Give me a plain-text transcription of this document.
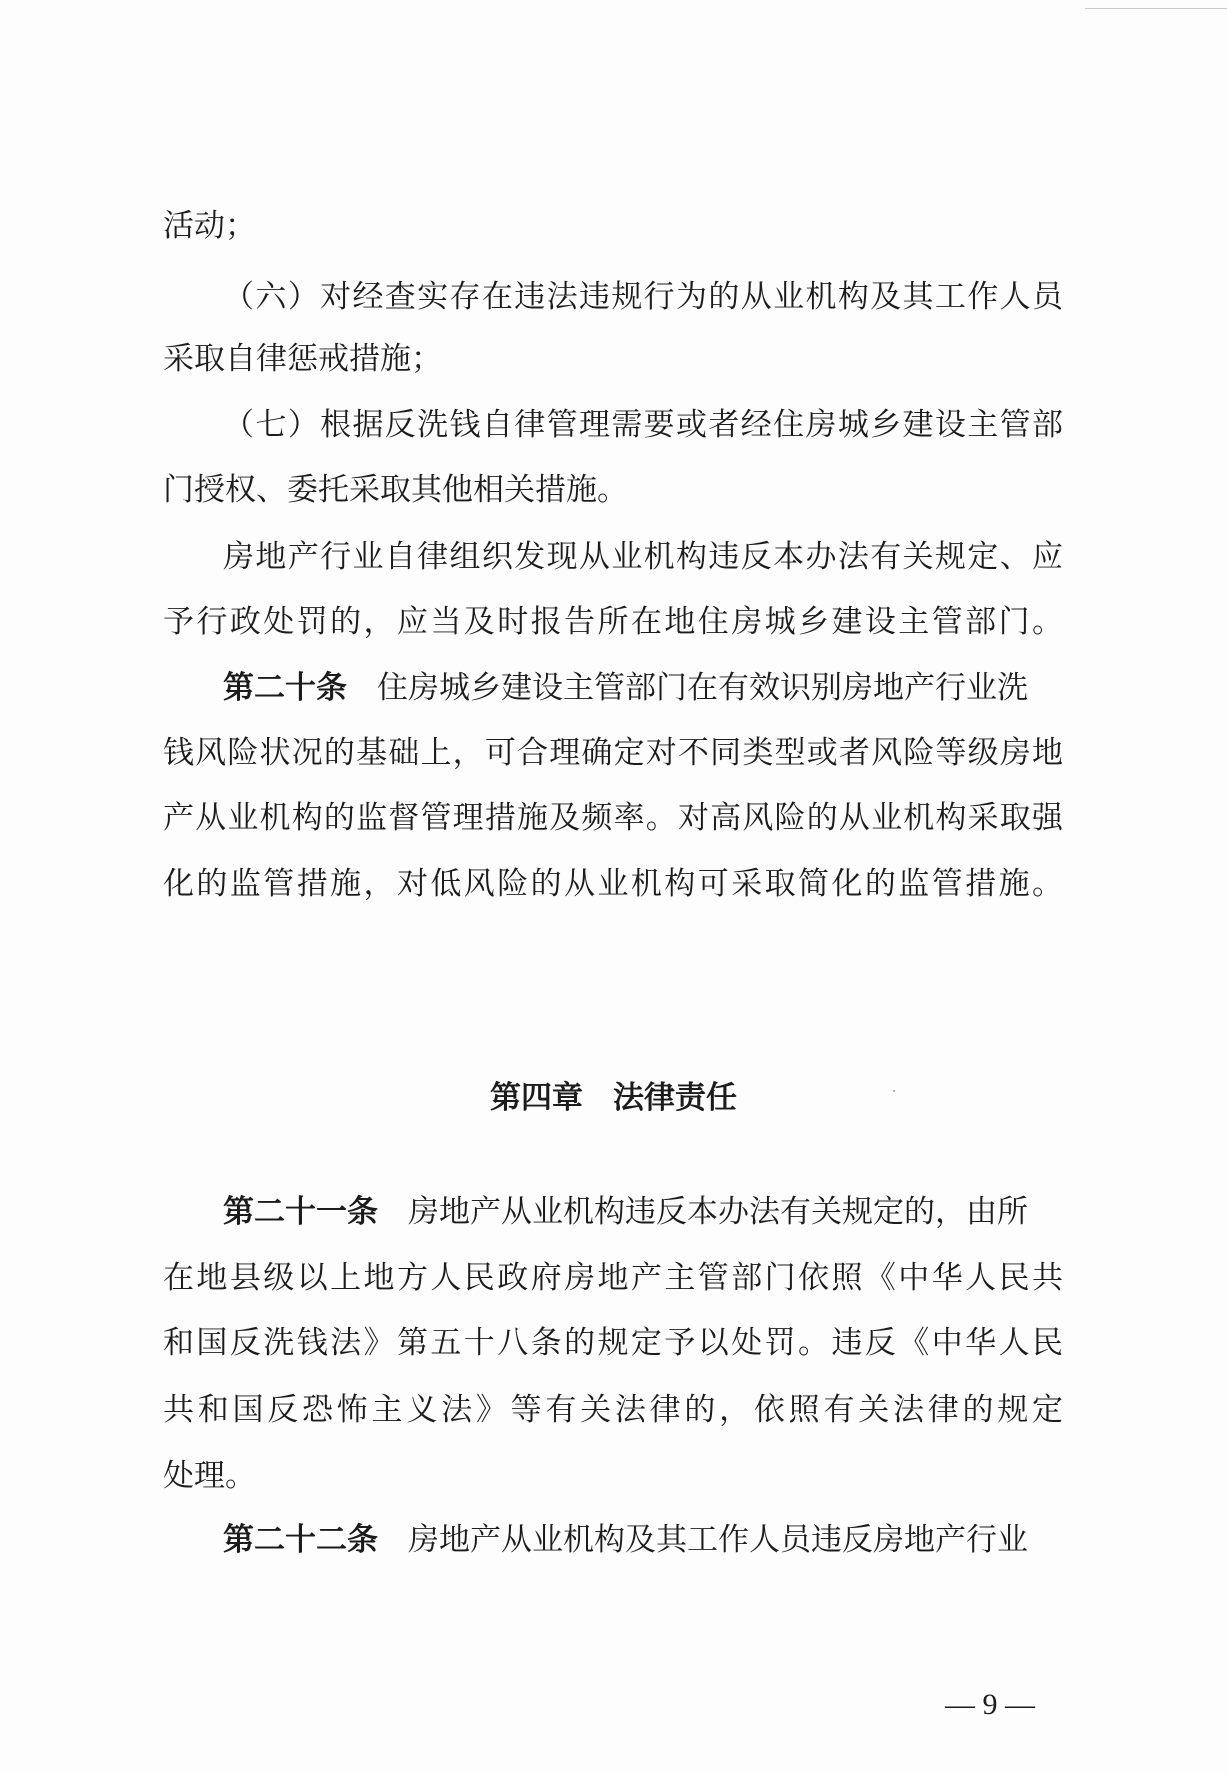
活动；
（六）对经查实存在违法违规行为的从业机构及其工作人员
采取自律惩戒措施；
（七）根据反洗钱自律管理需要或者经住房城乡建设主管部
门授权、委托采取其他相关措施。
房地产行业自律组织发现从业机构违反本办法有关规定、应
予行政处罚的，应当及时报告所在地住房城乡建设主管部门。
第二十条 住房城乡建设主管部门在有效识别房地产行业洗
钱风险状况的基础上，可合理确定对不同类型或者风险等级房地
产从业机构的监督管理措施及频率。对高风险的从业机构采取强
化的监管措施，对低风险的从业机构可采取简化的监管措施。
第四章 法律责任
第二十一条 房地产从业机构违反本办法有关规定的，由所
在地县级以上地方人民政府房地产主管部门依照《中华人民共
和国反洗钱法》第五十八条的规定予以处罚。违反《中华人民
共和国反恐怖主义法》等有关法律的，依照有关法律的规定
处理。
第二十二条 房地产从业机构及其工作人员违反房地产行业
— 9 —
